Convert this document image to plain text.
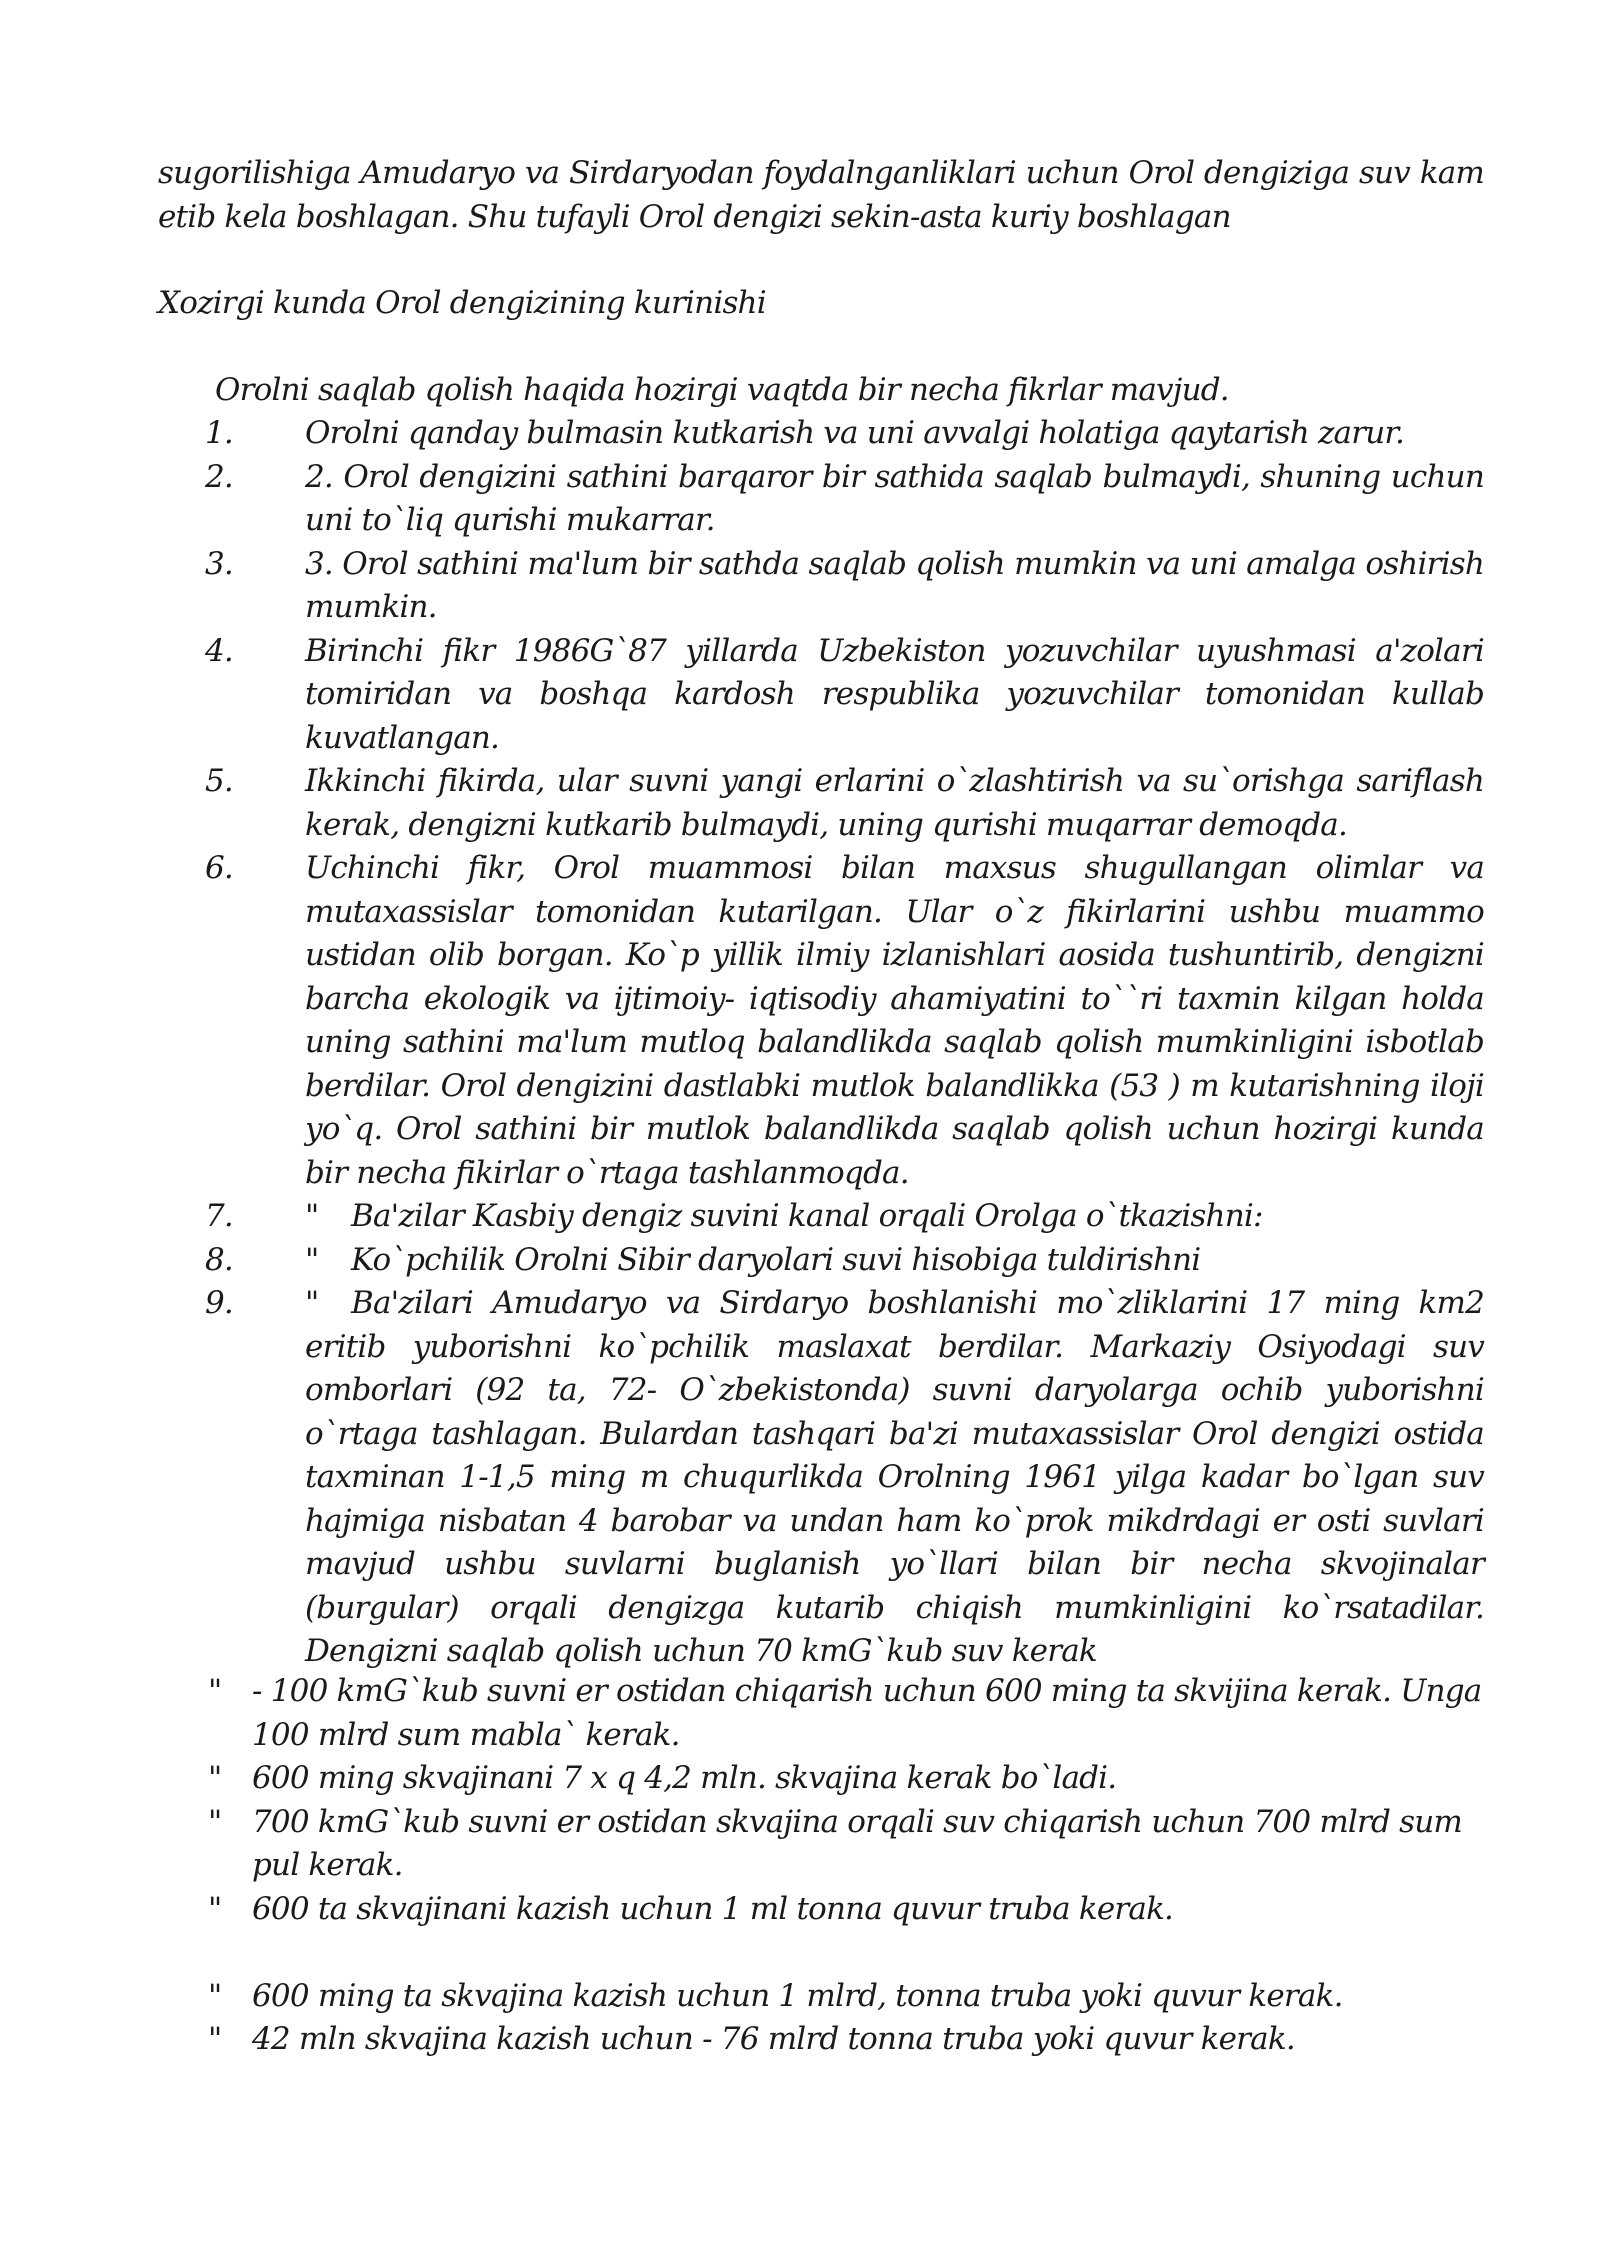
sugorilishiga Amudaryo va Sirdaryodan foydalnganliklari uchun Orol dengiziga suv kam etib kela boshlagan. Shu tufayli Orol dengizi sekin-asta kuriy boshlagan
Xozirgi kunda Orol dengizining kurinishi
Orolni saqlab qolish haqida hozirgi vaqtda bir necha fikrlar mavjud.
1.	Orolni qanday bulmasin kutkarish va uni avvalgi holatiga qaytarish zarur.
2.	2. Orol dengizini sathini barqaror bir sathida saqlab bulmaydi, shuning uchun uni to`liq qurishi mukarrar.
3.	3. Orol sathini ma'lum bir sathda saqlab qolish mumkin va uni amalga oshirish mumkin.
4.	Birinchi fikr 1986G`87 yillarda Uzbekiston yozuvchilar uyushmasi a'zolari tomiridan va boshqa kardosh respublika yozuvchilar tomonidan kullab kuvatlangan.
5.	Ikkinchi fikirda, ular suvni yangi erlarini o`zlashtirish va su`orishga sariflash kerak, dengizni kutkarib bulmaydi, uning qurishi muqarrar demoqda.
6.	Uchinchi fikr, Orol muammosi bilan maxsus shugullangan olimlar va mutaxassislar tomonidan kutarilgan. Ular o`z fikirlarini ushbu muammo ustidan olib borgan. Ko`p yillik ilmiy izlanishlari aosida tushuntirib, dengizni barcha ekologik va ijtimoiy- iqtisodiy ahamiyatini to``ri taxmin kilgan holda uning sathini ma'lum mutloq balandlikda saqlab qolish mumkinligini isbotlab berdilar. Orol dengizini dastlabki mutlok balandlikka (53 ) m kutarishning iloji yo`q. Orol sathini bir mutlok balandlikda saqlab qolish uchun hozirgi kunda bir necha fikirlar o`rtaga tashlanmoqda.
7.	" Ba'zilar Kasbiy dengiz suvini kanal orqali Orolga o`tkazishni:
8.	" Ko`pchilik Orolni Sibir daryolari suvi hisobiga tuldirishni
9.	" Ba'zilari Amudaryo va Sirdaryo boshlanishi mo`zliklarini 17 ming km2 eritib yuborishni ko`pchilik maslaxat berdilar. Markaziy Osiyodagi suv omborlari (92 ta, 72- O`zbekistonda) suvni daryolarga ochib yuborishni o`rtaga tashlagan. Bulardan tashqari ba'zi mutaxassislar Orol dengizi ostida taxminan 1-1,5 ming m chuqurlikda Orolning 1961 yilga kadar bo`lgan suv hajmiga nisbatan 4 barobar va undan ham ko`prok mikdrdagi er osti suvlari mavjud ushbu suvlarni buglanish yo`llari bilan bir necha skvojinalar (burgular) orqali dengizga kutarib chiqish mumkinligini ko`rsatadilar. Dengizni saqlab qolish uchun 70 kmG`kub suv kerak
" - 100 kmG`kub suvni er ostidan chiqarish uchun 600 ming ta skvijina kerak. Unga 100 mlrd sum mabla` kerak.
" 600 ming skvajinani 7 x q 4,2 mln. skvajina kerak bo`ladi.
" 700 kmG`kub suvni er ostidan skvajina orqali suv chiqarish uchun 700 mlrd sum pul kerak.
" 600 ta skvajinani kazish uchun 1 ml tonna quvur truba kerak.
" 600 ming ta skvajina kazish uchun 1 mlrd, tonna truba yoki quvur kerak.
" 42 mln skvajina kazish uchun - 76 mlrd tonna truba yoki quvur kerak.
